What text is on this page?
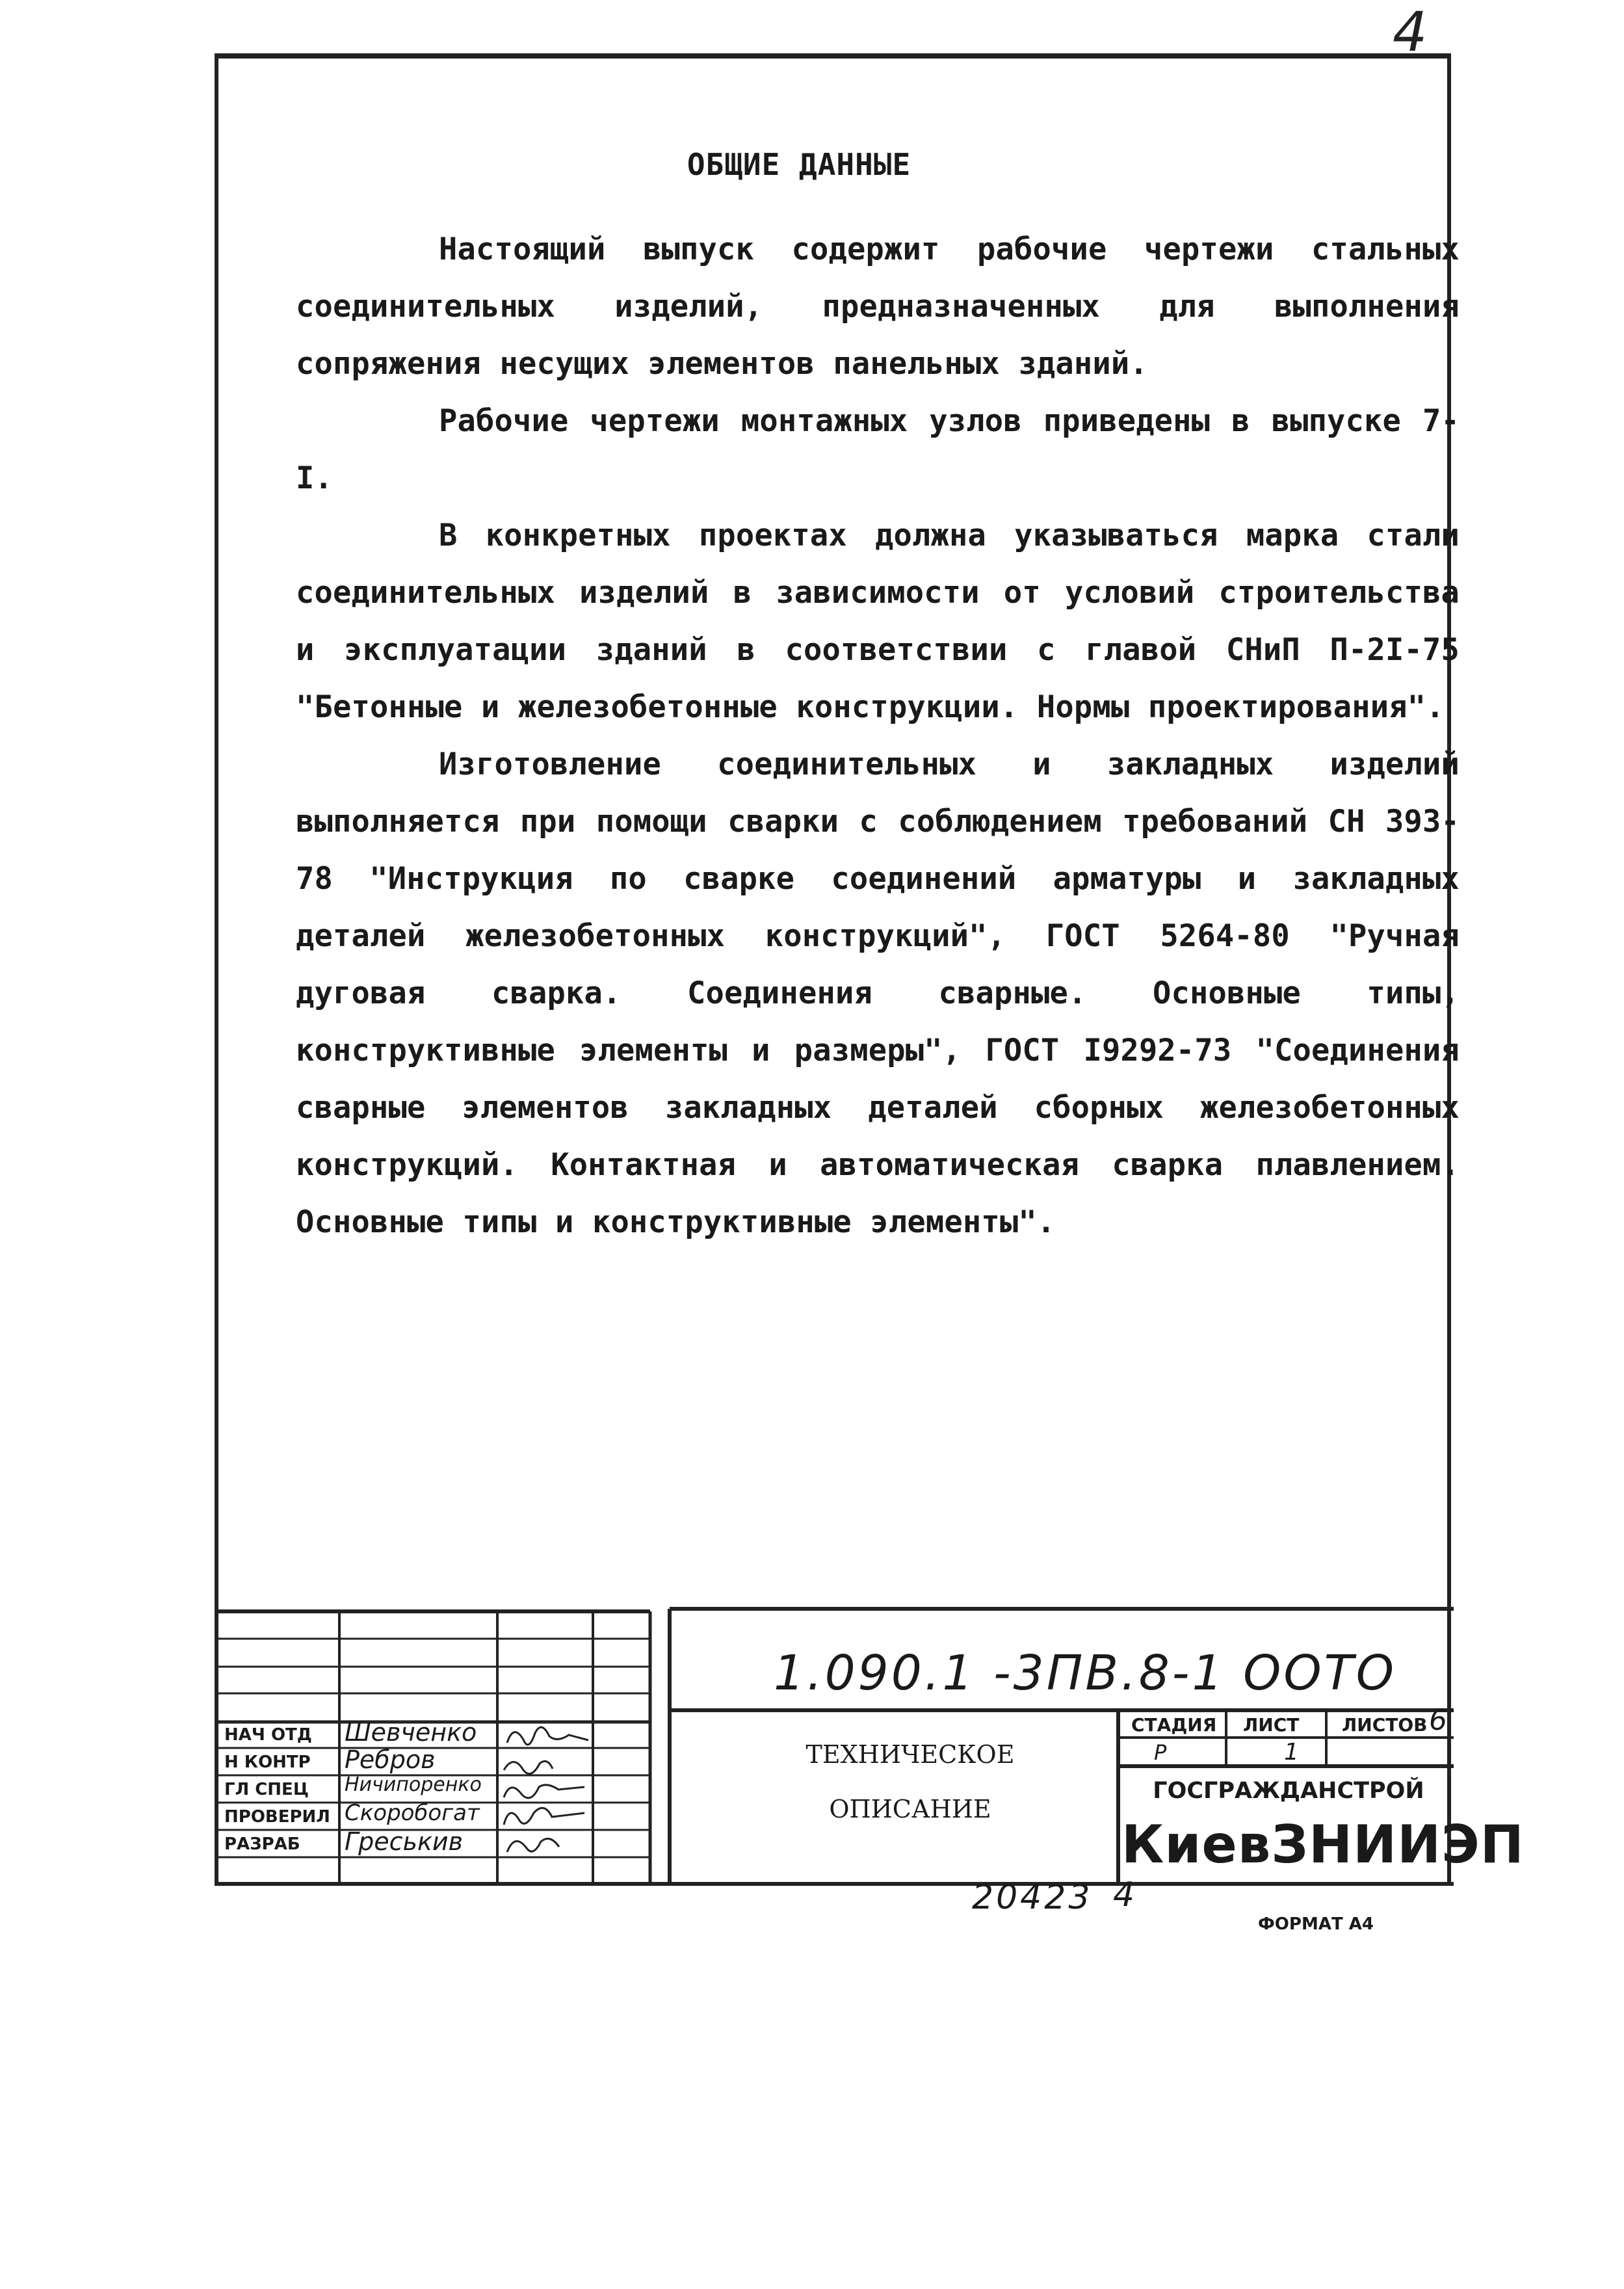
4
ОБЩИЕ ДАННЫЕ

Настоящий выпуск содержит рабочие чертежи стальных соединительных изделий, предназначенных для выполнения сопряжения несущих элементов панельных зданий.

Рабочие чертежи монтажных узлов приведены в выпуске 7-I.

В конкретных проектах должна указываться марка стали соединительных изделий в зависимости от условий строительства и эксплуатации зданий в соответствии с главой СНиП П-2I-75 "Бетонные и железобетонные конструкции. Нормы проектирования".

Изготовление соединительных и закладных изделий выполняется при помощи сварки с соблюдением требований СН 393-78 "Инструкция по сварке соединений арматуры и закладных деталей железобетонных конструкций", ГОСТ 5264-80 "Ручная дуговая сварка. Соединения сварные. Основные типы, конструктивные элементы и размеры", ГОСТ I9292-73 "Соединения сварные элементов закладных деталей сборных железобетонных конструкций. Контактная и автоматическая сварка плавлением. Основные типы и конструктивные элементы".

НАЧ ОТД	Шевченко
Н КОНТР	Ребров
ГЛ СПЕЦ	Ничипоренко
ПРОВЕРИЛ Скоробогат
РАЗРАБ	Греськив
1.090.1 -3ПВ.8-1 ООТО
ТЕХНИЧЕСКОЕ
ОПИСАНИЕ
СТАДИЯ ЛИСТ ЛИСТОВ
Р	1
6
ГОСГРАЖДАНСТРОЙ
КиевЗНИИЭП
20423 4
ФОРМАТ А4
